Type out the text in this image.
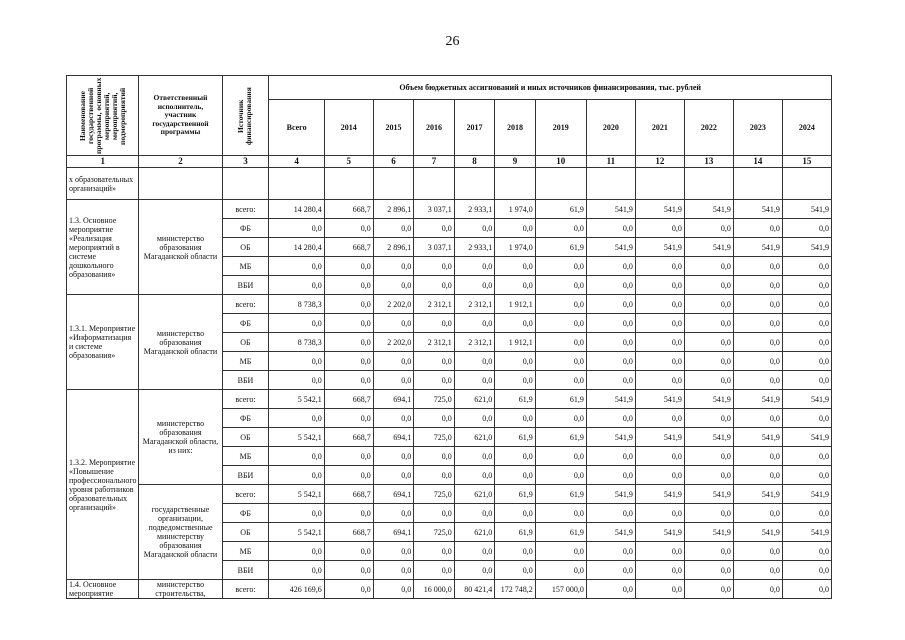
26
Наименование государственной программы, основных мероприятий, мероприятий, подмероприятий	Ответственный исполнитель, участник государственной программы	Источник финансирования	Объем бюджетных ассигнований и иных источников финансирования, тыс. рублей											
			Всего	2014	2015	2016	2017	2018	2019	2020	2021	2022	2023	2024
1	2	3	4	5	6	7	8	9	10	11	12	13	14	15
х образовательных организаций»														
1.3. Основное мероприятие «Реализация мероприятий в системе дошкольного образования»	министерство образования Магаданской области	всего:	14 280,4	668,7	2 896,1	3 037,1	2 933,1	1 974,0	61,9	541,9	541,9	541,9	541,9	541,9
		ФБ	0,0	0,0	0,0	0,0	0,0	0,0	0,0	0,0	0,0	0,0	0,0	0,0
		ОБ	14 280,4	668,7	2 896,1	3 037,1	2 933,1	1 974,0	61,9	541,9	541,9	541,9	541,9	541,9
		МБ	0,0	0,0	0,0	0,0	0,0	0,0	0,0	0,0	0,0	0,0	0,0	0,0
		ВБИ	0,0	0,0	0,0	0,0	0,0	0,0	0,0	0,0	0,0	0,0	0,0	0,0
1.3.1. Мероприятие «Информатизация и системе образования»	министерство образования Магаданской области	всего:	8 738,3	0,0	2 202,0	2 312,1	2 312,1	1 912,1	0,0	0,0	0,0	0,0	0,0	0,0
		ФБ	0,0	0,0	0,0	0,0	0,0	0,0	0,0	0,0	0,0	0,0	0,0	0,0
		ОБ	8 738,3	0,0	2 202,0	2 312,1	2 312,1	1 912,1	0,0	0,0	0,0	0,0	0,0	0,0
		МБ	0,0	0,0	0,0	0,0	0,0	0,0	0,0	0,0	0,0	0,0	0,0	0,0
		ВБИ	0,0	0,0	0,0	0,0	0,0	0,0	0,0	0,0	0,0	0,0	0,0	0,0
1.3.2. Мероприятие «Повышение профессионального уровня работников образовательных организаций»	министерство образования Магаданской области, из них:	всего:	5 542,1	668,7	694,1	725,0	621,0	61,9	61,9	541,9	541,9	541,9	541,9	541,9
		ФБ	0,0	0,0	0,0	0,0	0,0	0,0	0,0	0,0	0,0	0,0	0,0	0,0
		ОБ	5 542,1	668,7	694,1	725,0	621,0	61,9	61,9	541,9	541,9	541,9	541,9	541,9
		МБ	0,0	0,0	0,0	0,0	0,0	0,0	0,0	0,0	0,0	0,0	0,0	0,0
		ВБИ	0,0	0,0	0,0	0,0	0,0	0,0	0,0	0,0	0,0	0,0	0,0	0,0
	государственные организации, подведомственные министерству образования Магаданской области	всего:	5 542,1	668,7	694,1	725,0	621,0	61,9	61,9	541,9	541,9	541,9	541,9	541,9
		ФБ	0,0	0,0	0,0	0,0	0,0	0,0	0,0	0,0	0,0	0,0	0,0	0,0
		ОБ	5 542,1	668,7	694,1	725,0	621,0	61,9	61,9	541,9	541,9	541,9	541,9	541,9
		МБ	0,0	0,0	0,0	0,0	0,0	0,0	0,0	0,0	0,0	0,0	0,0	0,0
		ВБИ	0,0	0,0	0,0	0,0	0,0	0,0	0,0	0,0	0,0	0,0	0,0	0,0
1.4. Основное мероприятие	министерство строительства,	всего:	426 169,6	0,0	0,0	16 000,0	80 421,4	172 748,2	157 000,0	0,0	0,0	0,0	0,0	0,0
